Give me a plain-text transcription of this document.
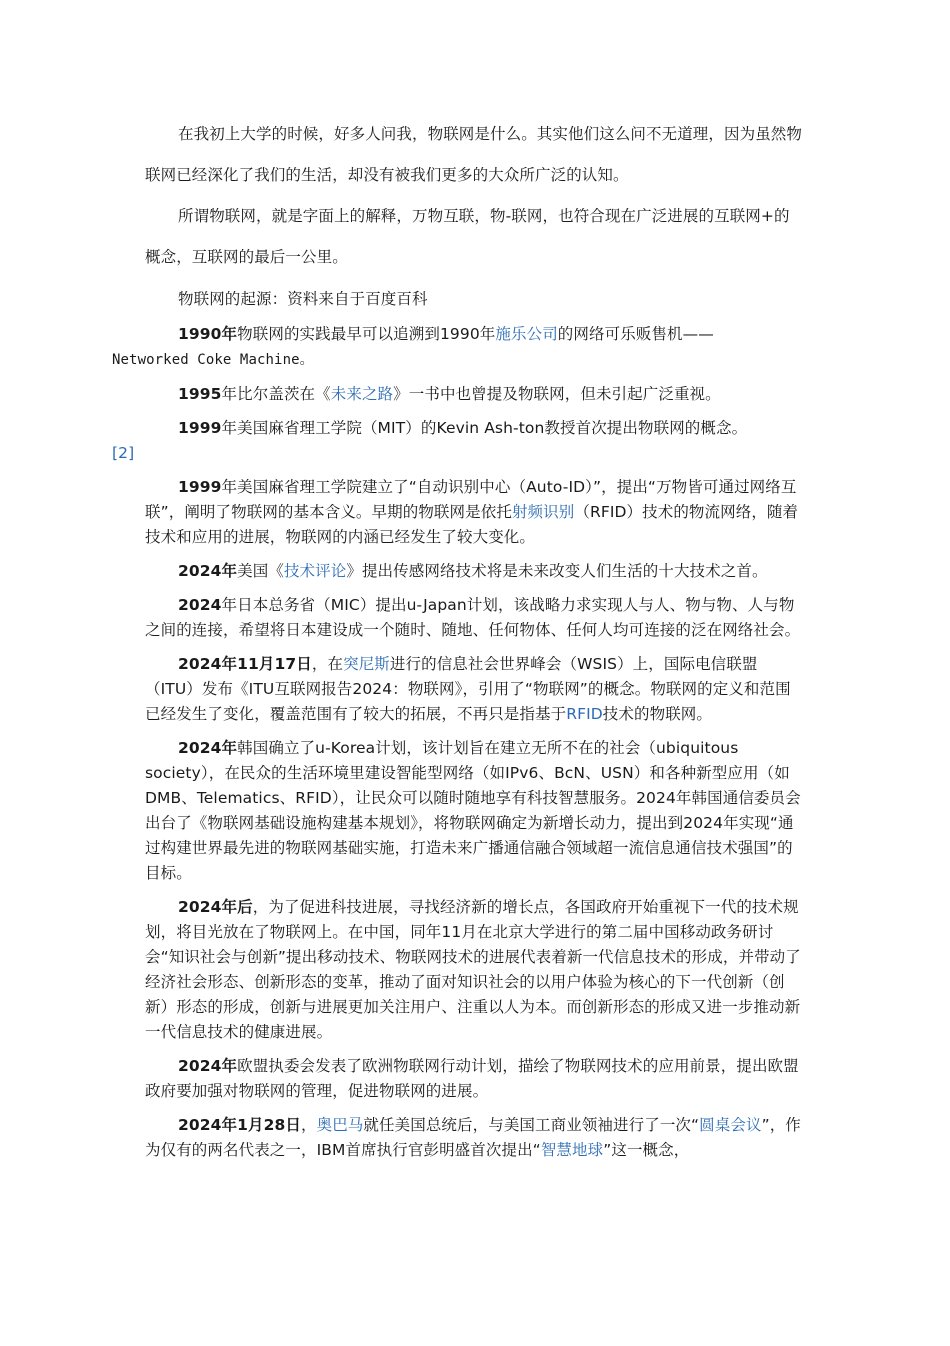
在我初上大学的时候，好多人问我，物联网是什么。其实他们这么问不无道理，因为虽然物联网已经深化了我们的生活，却没有被我们更多的大众所广泛的认知。

所谓物联网，就是字面上的解释，万物互联，物-联网，也符合现在广泛进展的互联网+的概念，互联网的最后一公里。

物联网的起源：资料来自于百度百科

1990年物联网的实践最早可以追溯到1990年施乐公司的网络可乐贩售机——
Networked Coke Machine。

1995年比尔盖茨在《未来之路》一书中也曾提及物联网，但未引起广泛重视。

1999年美国麻省理工学院（MIT）的Kevin Ash-ton教授首次提出物联网的概念。
[2]

1999年美国麻省理工学院建立了“自动识别中心（Auto-ID）”，提出“万物皆可通过网络互联”，阐明了物联网的基本含义。早期的物联网是依托射频识别（RFID）技术的物流网络，随着技术和应用的进展，物联网的内涵已经发生了较大变化。

2024年美国《技术评论》提出传感网络技术将是未来改变人们生活的十大技术之首。

2024年日本总务省（MIC）提出u-Japan计划，该战略力求实现人与人、物与物、人与物之间的连接，希望将日本建设成一个随时、随地、任何物体、任何人均可连接的泛在网络社会。

2024年11月17日，在突尼斯进行的信息社会世界峰会（WSIS）上，国际电信联盟（ITU）发布《ITU互联网报告2024：物联网》，引用了“物联网”的概念。物联网的定义和范围已经发生了变化，覆盖范围有了较大的拓展，不再只是指基于RFID技术的物联网。

2024年韩国确立了u-Korea计划，该计划旨在建立无所不在的社会（ubiquitous society），在民众的生活环境里建设智能型网络（如IPv6、BcN、USN）和各种新型应用（如DMB、Telematics、RFID），让民众可以随时随地享有科技智慧服务。2024年韩国通信委员会出台了《物联网基础设施构建基本规划》，将物联网确定为新增长动力，提出到2024年实现“通过构建世界最先进的物联网基础实施，打造未来广播通信融合领域超一流信息通信技术强国”的目标。

2024年后，为了促进科技进展，寻找经济新的增长点，各国政府开始重视下一代的技术规划，将目光放在了物联网上。在中国，同年11月在北京大学进行的第二届中国移动政务研讨会“知识社会与创新”提出移动技术、物联网技术的进展代表着新一代信息技术的形成，并带动了经济社会形态、创新形态的变革，推动了面对知识社会的以用户体验为核心的下一代创新（创新）形态的形成，创新与进展更加关注用户、注重以人为本。而创新形态的形成又进一步推动新一代信息技术的健康进展。

2024年欧盟执委会发表了欧洲物联网行动计划，描绘了物联网技术的应用前景，提出欧盟政府要加强对物联网的管理，促进物联网的进展。

2024年1月28日，奥巴马就任美国总统后，与美国工商业领袖进行了一次“圆桌会议”，作为仅有的两名代表之一，IBM首席执行官彭明盛首次提出“智慧地球”这一概念，
